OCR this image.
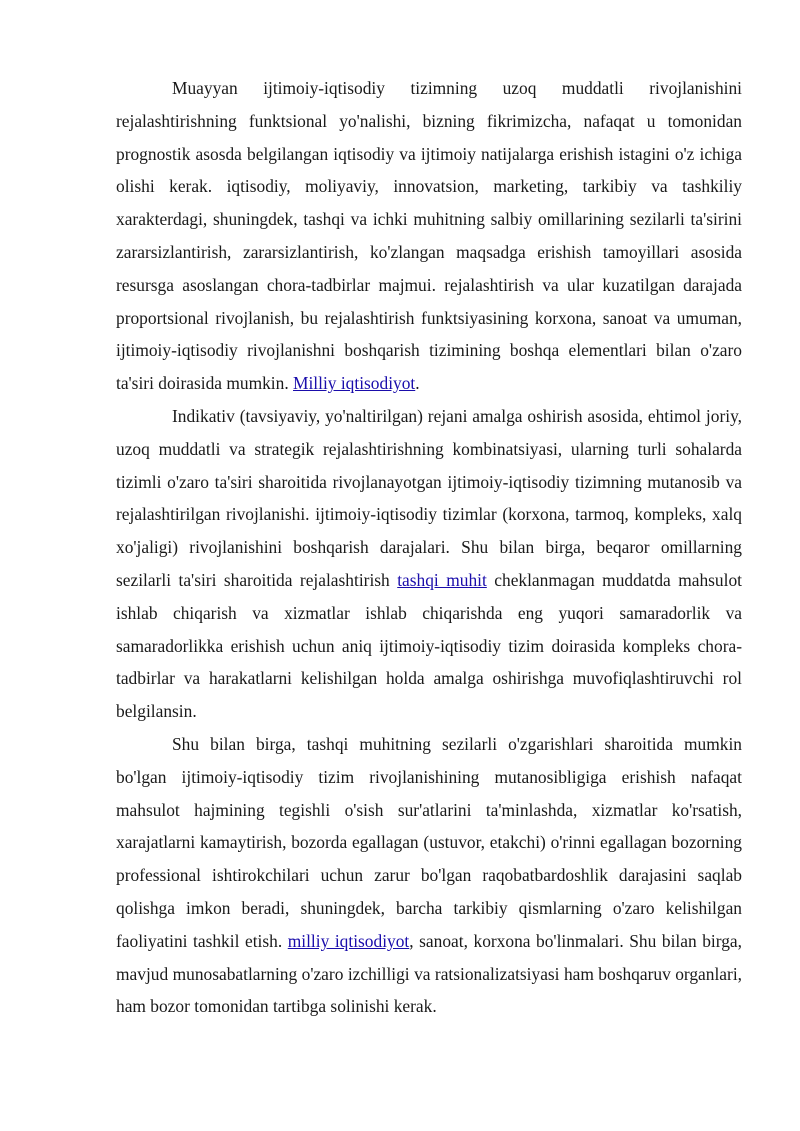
Muayyan ijtimoiy-iqtisodiy tizimning uzoq muddatli rivojlanishini rejalashtirishning funktsional yo'nalishi, bizning fikrimizcha, nafaqat u tomonidan prognostik asosda belgilangan iqtisodiy va ijtimoiy natijalarga erishish istagini o'z ichiga olishi kerak. iqtisodiy, moliyaviy, innovatsion, marketing, tarkibiy va tashkiliy xarakterdagi, shuningdek, tashqi va ichki muhitning salbiy omillarining sezilarli ta'sirini zararsizlantirish, zararsizlantirish, ko'zlangan maqsadga erishish tamoyillari asosida resursga asoslangan chora-tadbirlar majmui. rejalashtirish va ular kuzatilgan darajada proportsional rivojlanish, bu rejalashtirish funktsiyasining korxona, sanoat va umuman, ijtimoiy-iqtisodiy rivojlanishni boshqarish tizimining boshqa elementlari bilan o'zaro ta'siri doirasida mumkin. Milliy iqtisodiyot.

Indikativ (tavsiyaviy, yo'naltirilgan) rejani amalga oshirish asosida, ehtimol joriy, uzoq muddatli va strategik rejalashtirishning kombinatsiyasi, ularning turli sohalarda tizimli o'zaro ta'siri sharoitida rivojlanayotgan ijtimoiy-iqtisodiy tizimning mutanosib va rejalashtirilgan rivojlanishi. ijtimoiy-iqtisodiy tizimlar (korxona, tarmoq, kompleks, xalq xo'jaligi) rivojlanishini boshqarish darajalari. Shu bilan birga, beqaror omillarning sezilarli ta'siri sharoitida rejalashtirish tashqi muhit cheklanmagan muddatda mahsulot ishlab chiqarish va xizmatlar ishlab chiqarishda eng yuqori samaradorlik va samaradorlikka erishish uchun aniq ijtimoiy-iqtisodiy tizim doirasida kompleks chora-tadbirlar va harakatlarni kelishilgan holda amalga oshirishga muvofiqlashtiruvchi rol belgilansin.

Shu bilan birga, tashqi muhitning sezilarli o'zgarishlari sharoitida mumkin bo'lgan ijtimoiy-iqtisodiy tizim rivojlanishining mutanosibligiga erishish nafaqat mahsulot hajmining tegishli o'sish sur'atlarini ta'minlashda, xizmatlar ko'rsatish, xarajatlarni kamaytirish, bozorda egallagan (ustuvor, etakchi) o'rinni egallagan bozorning professional ishtirokchilari uchun zarur bo'lgan raqobatbardoshlik darajasini saqlab qolishga imkon beradi, shuningdek, barcha tarkibiy qismlarning o'zaro kelishilgan faoliyatini tashkil etish. milliy iqtisodiyot, sanoat, korxona bo'linmalari. Shu bilan birga, mavjud munosabatlarning o'zaro izchilligi va ratsionalizatsiyasi ham boshqaruv organlari, ham bozor tomonidan tartibga solinishi kerak.
